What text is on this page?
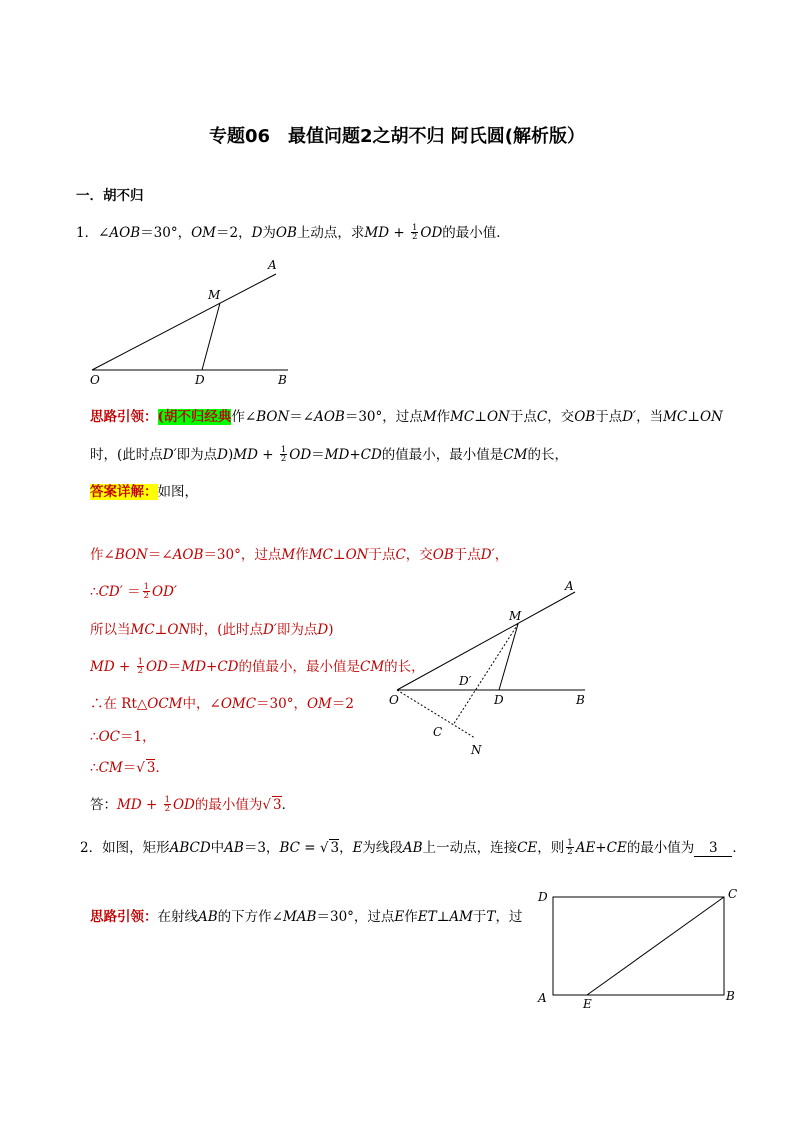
专题06　最值问题2之胡不归 阿氏圆(解析版）
一．胡不归
1．∠AOB＝30°，OM＝2，D为OB上动点，求MD + $\frac{1}{2}$ OD的最小值．
A
M
O	D	B
思路引领：(胡不归经典作∠BON＝∠AOB＝30°，过点M作MC⊥ON于点C，交OB于点D′，当MC⊥ON
时，(此时点D′即为点$D)MD + \frac{1}{2} OD=MD+CD$的值最小，最小值是CM的长，
答案详解：如图，
作∠BON＝∠AOB＝30°，过点M作MC⊥ON于点C，交OB于点D′，
∴CD′ ＝ $\frac{1}{2} OD'$
所以当MC⊥ON时，(此时点D′即为点D)
MD + $\frac{1}{2} OD=MD+CD$的值最小，最小值是CM的长，
∴在 Rt△OCM中，∠OMC＝30°，OM＝2
∴OC＝1，
∴CM＝√ 3．
答：MD + $\frac{1}{2}$ OD的最小值为√ 3．
A
M
D′
O	D	B
C
N
2．如图，矩形ABCD中AB＝3，BC = √ 3，E为线段AB上一动点，连接CE，则 $\frac{1}{2} AE+CE$的最小值为 3 ．
思路引领：在射线AB的下方作∠MAB＝30°，过点E作ET⊥AM于T，过
D	C
A	E
B
